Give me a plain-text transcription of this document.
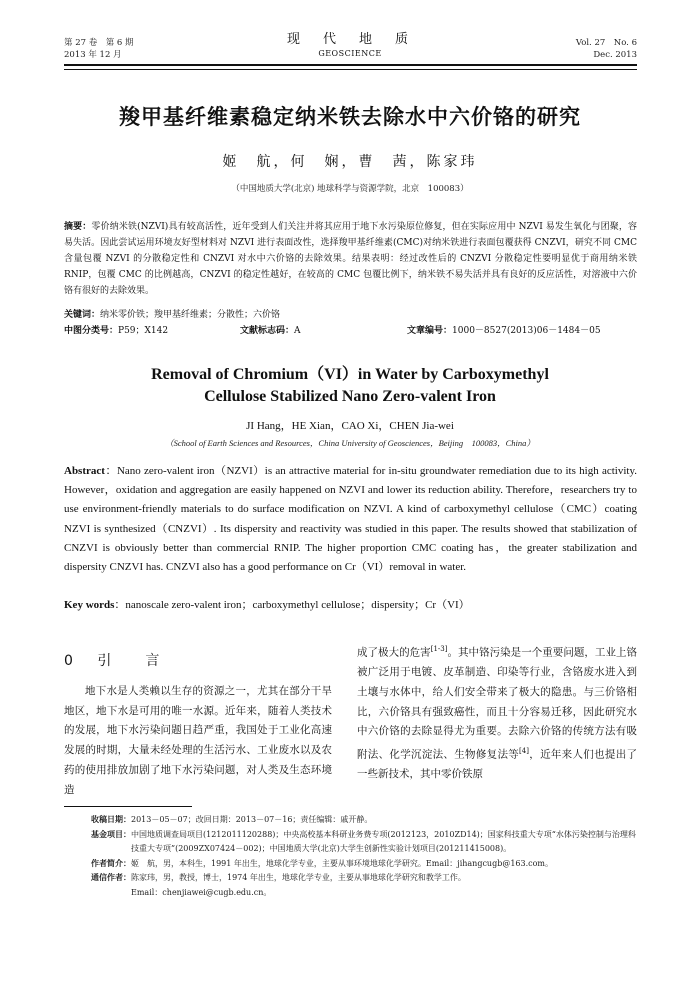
第 27 卷　第 6 期
2013 年 12 月
现　代　地　质
GEOSCIENCE
Vol. 27　No. 6
Dec. 2013
羧甲基纤维素稳定纳米铁去除水中六价铬的研究
姬　航，何　娴，曹　茜，陈家玮
（中国地质大学(北京) 地球科学与资源学院，北京　100083）
摘要：零价纳米铁(NZVI)具有较高活性，近年受到人们关注并将其应用于地下水污染原位修复，但在实际应用中 NZVI 易发生氧化与团聚，容易失活。因此尝试运用环境友好型材料对 NZVI 进行表面改性，选择羧甲基纤维素(CMC)对纳米铁进行表面包覆获得 CNZVI，研究不同 CMC 含量包覆 NZVI 的分散稳定性和 CNZVI 对水中六价铬的去除效果。结果表明：经过改性后的 CNZVI 分散稳定性要明显优于商用纳米铁 RNIP，包覆 CMC 的比例越高，CNZVI 的稳定性越好，在较高的 CMC 包覆比例下，纳米铁不易失活并具有良好的反应活性，对溶液中六价铬有很好的去除效果。
关键词：纳米零价铁；羧甲基纤维素；分散性；六价铬
中图分类号：P59；X142	文献标志码：A	文章编号：1000－8527(2013)06－1484－05
Removal of Chromium（VI）in Water by Carboxymethyl
Cellulose Stabilized Nano Zero-valent Iron
JI Hang，HE Xian，CAO Xi，CHEN Jia-wei
（School of Earth Sciences and Resources，China University of Geosciences，Beijing　100083，China）
Abstract：Nano zero-valent iron（NZVI）is an attractive material for in-situ groundwater remediation due to its high activity. However，oxidation and aggregation are easily happened on NZVI and lower its reduction ability. Therefore，researchers try to use environment-friendly materials to do surface modification on NZVI. A kind of carboxymethyl cellulose（CMC）coating NZVI is synthesized（CNZVI）. Its dispersity and reactivity was studied in this paper. The results showed that stabilization of CNZVI is obviously better than commercial RNIP. The higher proportion CMC coating has，the greater stabilization and dispersity CNZVI has. CNZVI also has a good performance on Cr（VI）removal in water.
Key words：nanoscale zero-valent iron；carboxymethyl cellulose；dispersity；Cr（VI）
0 引　言
地下水是人类赖以生存的资源之一，尤其在部分干旱地区，地下水是可用的唯一水源。近年来，随着人类技术的发展，地下水污染问题日趋严重，我国处于工业化高速发展的时期，大量未经处理的生活污水、工业废水以及农药的使用排放加剧了地下水污染问题，对人类及生态环境造
成了极大的危害[1-3]。其中铬污染是一个重要问题，工业上铬被广泛用于电镀、皮革制造、印染等行业，含铬废水进入到土壤与水体中，给人们安全带来了极大的隐患。与三价铬相比，六价铬具有强致癌性，而且十分容易迁移，因此研究水中六价铬的去除显得尤为重要。去除六价铬的传统方法有吸附法、化学沉淀法、生物修复法等[4]，近年来人们也提出了一些新技术，其中零价铁原
收稿日期： 2013－05－07；改回日期：2013－07－16；责任编辑：戚开静。
基金项目： 中国地质调查局项目(1212011120288)；中央高校基本科研业务费专项(2012123，2010ZD14)；国家科技重大专项“水体污染控制与治理科技重大专项”(2009ZX07424－002)；中国地质大学(北京)大学生创新性实验计划项目(201211415008)。
作者简介： 姬　航，男，本科生，1991 年出生，地球化学专业，主要从事环境地球化学研究。Email：jihangcugb@163.com。
通信作者： 陈家玮，男，教授，博士，1974 年出生，地球化学专业，主要从事地球化学研究和教学工作。
Email：chenjiawei@cugb.edu.cn。
